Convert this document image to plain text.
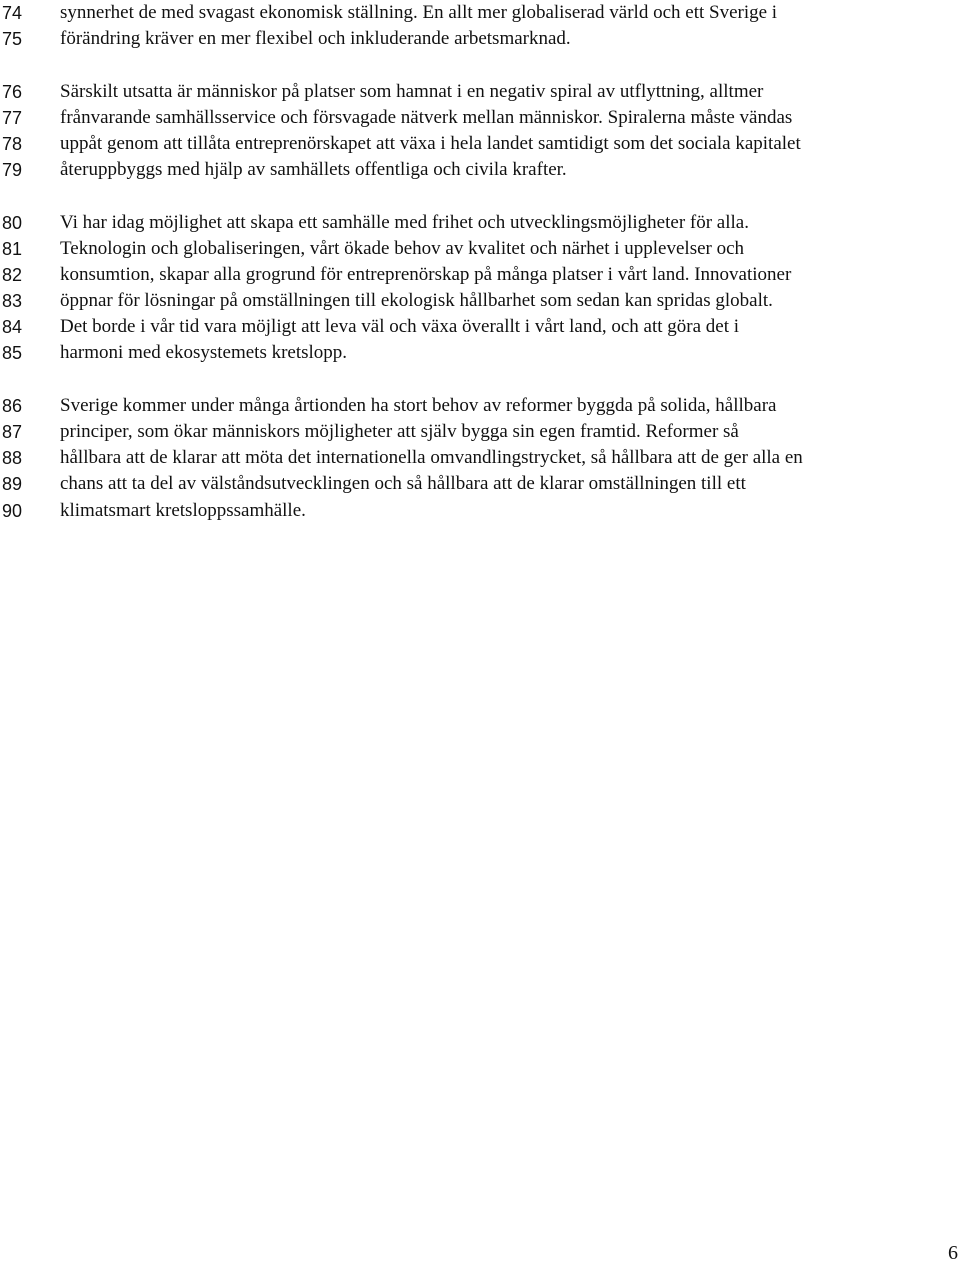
74
75
76
77
78
79
80
81
82
83
84
85
86
87
88
89
90

synnerhet de med svagast ekonomisk ställning. En allt mer globaliserad värld och ett Sverige i
förändring kräver en mer flexibel och inkluderande arbetsmarknad.

Särskilt utsatta är människor på platser som hamnat i en negativ spiral av utflyttning, alltmer
frånvarande samhällsservice och försvagade nätverk mellan människor. Spiralerna måste vändas
uppåt genom att tillåta entreprenörskapet att växa i hela landet samtidigt som det sociala kapitalet
återuppbyggs med hjälp av samhällets offentliga och civila krafter.

Vi har idag möjlighet att skapa ett samhälle med frihet och utvecklingsmöjligheter för alla.
Teknologin och globaliseringen, vårt ökade behov av kvalitet och närhet i upplevelser och
konsumtion, skapar alla grogrund för entreprenörskap på många platser i vårt land. Innovationer
öppnar för lösningar på omställningen till ekologisk hållbarhet som sedan kan spridas globalt.
Det borde i vår tid vara möjligt att leva väl och växa överallt i vårt land, och att göra det i
harmoni med ekosystemets kretslopp.

Sverige kommer under många årtionden ha stort behov av reformer byggda på solida, hållbara
principer, som ökar människors möjligheter att själv bygga sin egen framtid. Reformer så
hållbara att de klarar att möta det internationella omvandlingstrycket, så hållbara att de ger alla en
chans att ta del av välståndsutvecklingen och så hållbara att de klarar omställningen till ett
klimatsmart kretsloppssamhälle.

6
